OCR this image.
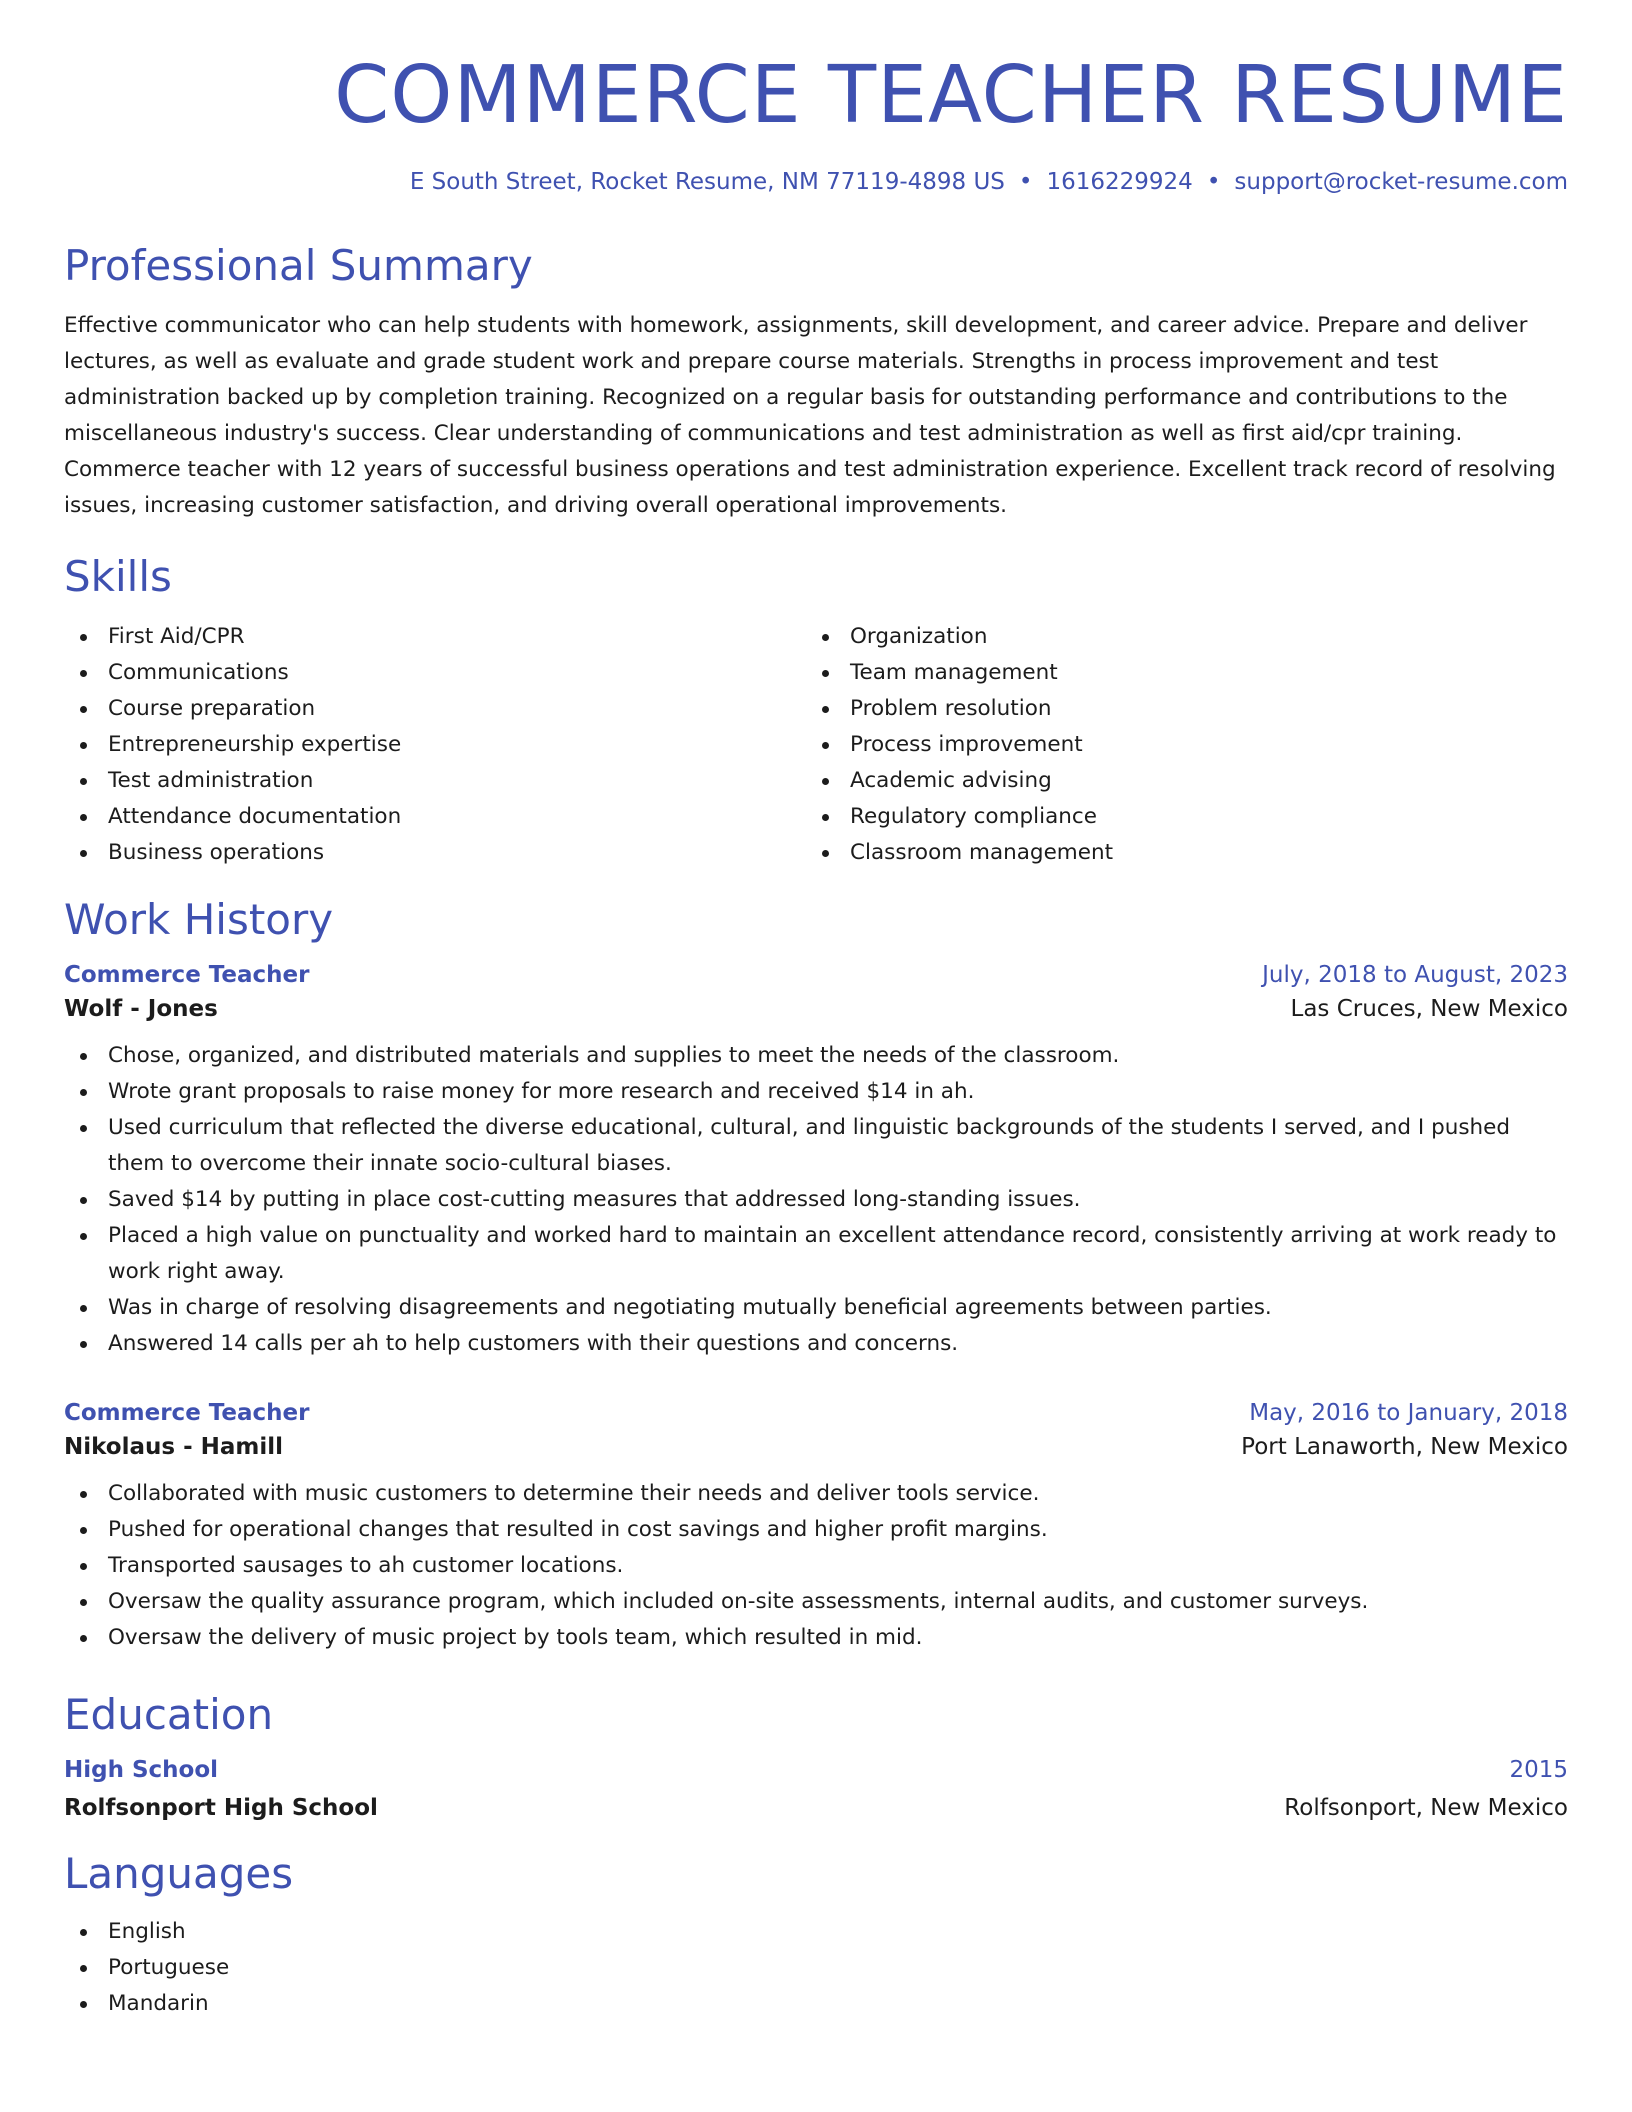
COMMERCE TEACHER RESUME
E South Street, Rocket Resume, NM 77119-4898 US • 1616229924 • support@rocket-resume.com
Professional Summary
Effective communicator who can help students with homework, assignments, skill development, and career advice. Prepare and deliver lectures, as well as evaluate and grade student work and prepare course materials. Strengths in process improvement and test administration backed up by completion training. Recognized on a regular basis for outstanding performance and contributions to the miscellaneous industry's success. Clear understanding of communications and test administration as well as first aid/cpr training. Commerce teacher with 12 years of successful business operations and test administration experience. Excellent track record of resolving issues, increasing customer satisfaction, and driving overall operational improvements.
Skills
First Aid/CPR
Communications
Course preparation
Entrepreneurship expertise
Test administration
Attendance documentation
Business operations
Organization
Team management
Problem resolution
Process improvement
Academic advising
Regulatory compliance
Classroom management
Work History
Commerce Teacher	July, 2018 to August, 2023
Wolf - Jones	Las Cruces, New Mexico
Chose, organized, and distributed materials and supplies to meet the needs of the classroom.
Wrote grant proposals to raise money for more research and received $14 in ah.
Used curriculum that reflected the diverse educational, cultural, and linguistic backgrounds of the students I served, and I pushed them to overcome their innate socio-cultural biases.
Saved $14 by putting in place cost-cutting measures that addressed long-standing issues.
Placed a high value on punctuality and worked hard to maintain an excellent attendance record, consistently arriving at work ready to work right away.
Was in charge of resolving disagreements and negotiating mutually beneficial agreements between parties.
Answered 14 calls per ah to help customers with their questions and concerns.
Commerce Teacher	May, 2016 to January, 2018
Nikolaus - Hamill	Port Lanaworth, New Mexico
Collaborated with music customers to determine their needs and deliver tools service.
Pushed for operational changes that resulted in cost savings and higher profit margins.
Transported sausages to ah customer locations.
Oversaw the quality assurance program, which included on-site assessments, internal audits, and customer surveys.
Oversaw the delivery of music project by tools team, which resulted in mid.
Education
High School	2015
Rolfsonport High School	Rolfsonport, New Mexico
Languages
English
Portuguese
Mandarin
